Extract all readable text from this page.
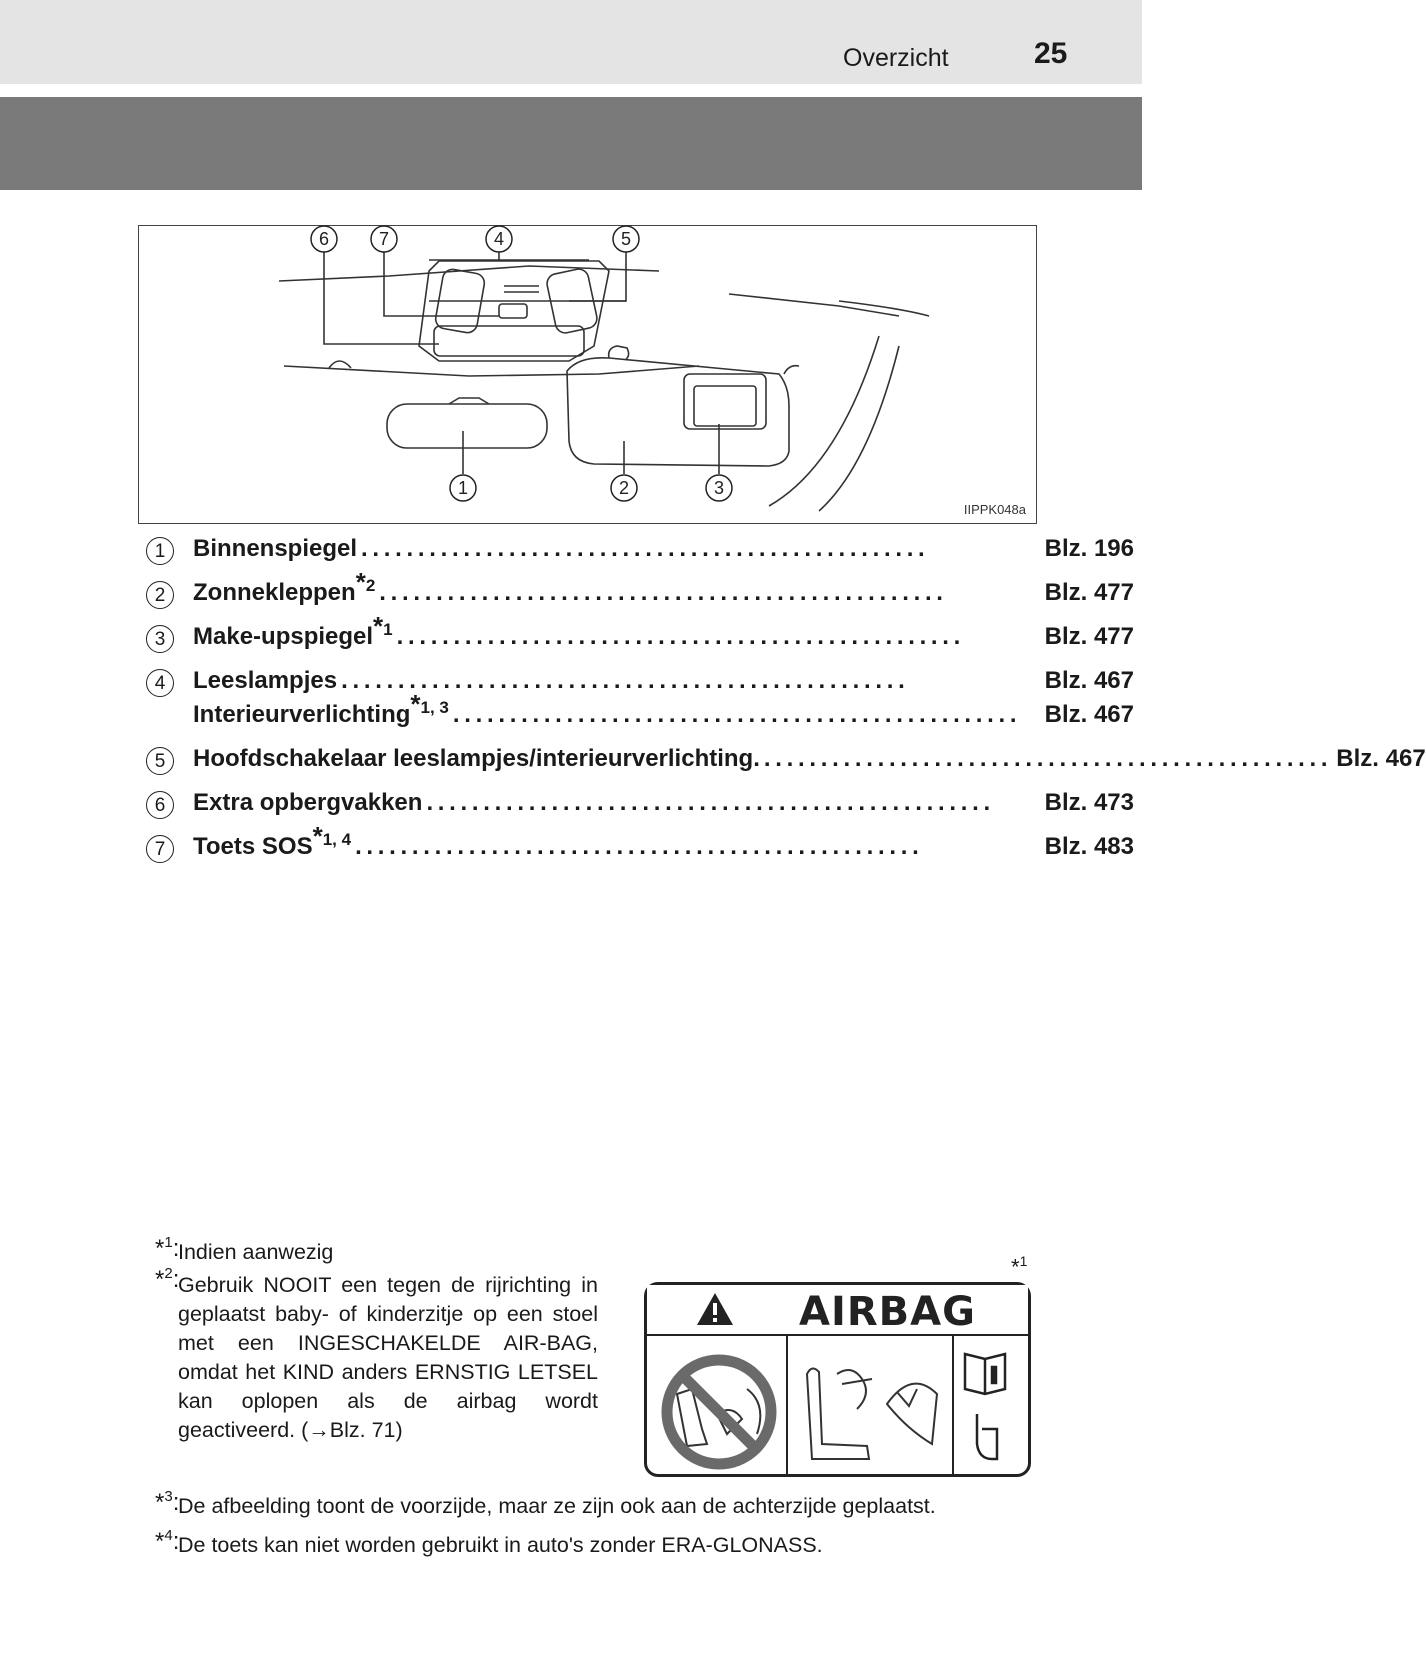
Overzicht	25
6	7	4	5
1	2	3
IIPPK048a
1	Binnenspiegel ..................................................	Blz. 196
2	Zonnekleppen$^{*2}$ ..................................................	Blz. 477
3	Make-upspiegel$^{*1}$ ..................................................	Blz. 477
4	Leeslampjes ..................................................	Blz. 467
Interieurverlichting$^{*1, 3}$ .................................................. Blz. 467
5	Hoofdschakelaar leeslampjes/interieurverlichting. .................................................. Blz. 467
6	Extra opbergvakken ..................................................	Blz. 473
7	Toets SOS$^{*1, 4}$ ..................................................	Blz. 483
*$^1$:
Indien aanwezig
*$^2$:
Gebruik NOOIT een tegen de rijrichting in geplaatst baby- of kinderzitje op een stoel met een INGESCHAKELDE AIR-BAG, omdat het KIND anders ERNSTIG LETSEL kan oplopen als de airbag wordt geactiveerd. (→Blz. 71)
*$^3$:
De afbeelding toont de voorzijde, maar ze zijn ook aan de achterzijde geplaatst.
*$^4$:
De toets kan niet worden gebruikt in auto's zonder ERA-GLONASS.
*$^1$
AIRBAG
